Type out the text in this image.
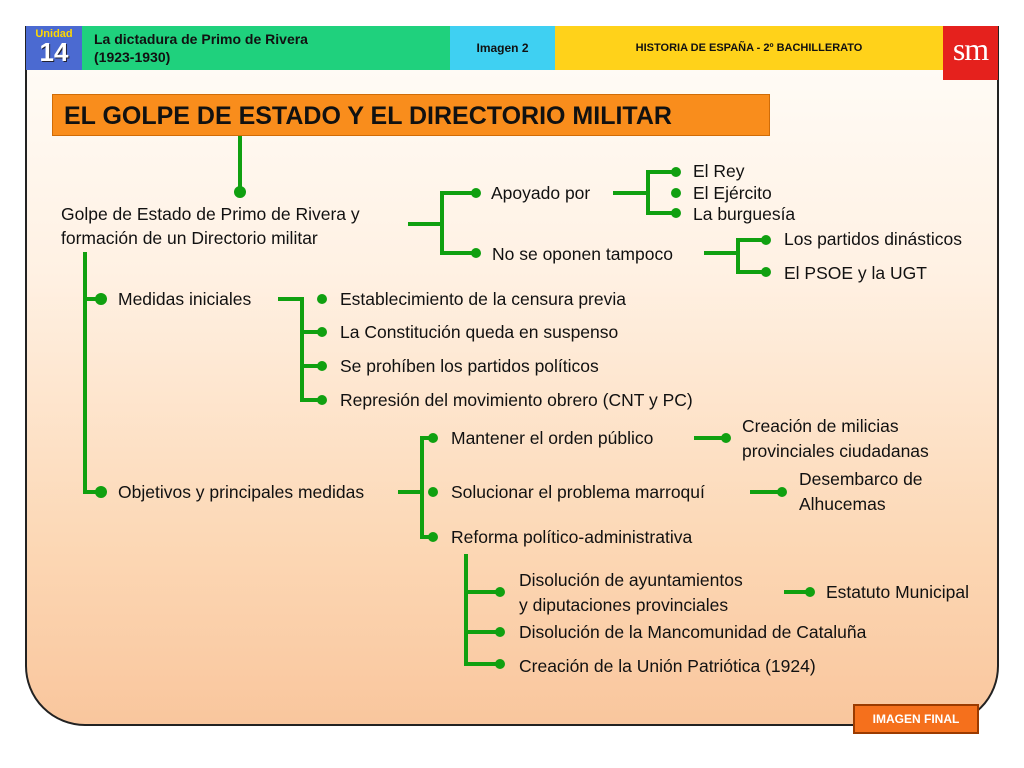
Unidad
14	La dictadura de Primo de Rivera
(1923-1930)
Imagen 2	HISTORIA DE ESPAÑA - 2º BACHILLERATO	sm
EL GOLPE DE ESTADO Y EL DIRECTORIO MILITAR
Golpe de Estado de Primo de Rivera y
formación de un Directorio militar
Apoyado por
El Rey
El Ejército
La burguesía
No se oponen tampoco
Los partidos dinásticos
El PSOE y la UGT
Medidas iniciales	Establecimiento de la censura previa
La Constitución queda en suspenso
Se prohíben los partidos políticos
Represión del movimiento obrero (CNT y PC)
Mantener el orden público
Creación de milicias
provinciales ciudadanas
Objetivos y principales medidas	Solucionar el problema marroquí
Desembarco de
Alhucemas
Reforma político-administrativa
Disolución de ayuntamientos
y diputaciones provinciales
Estatuto Municipal
Disolución de la Mancomunidad de Cataluña
Creación de la Unión Patriótica (1924)
IMAGEN FINAL
